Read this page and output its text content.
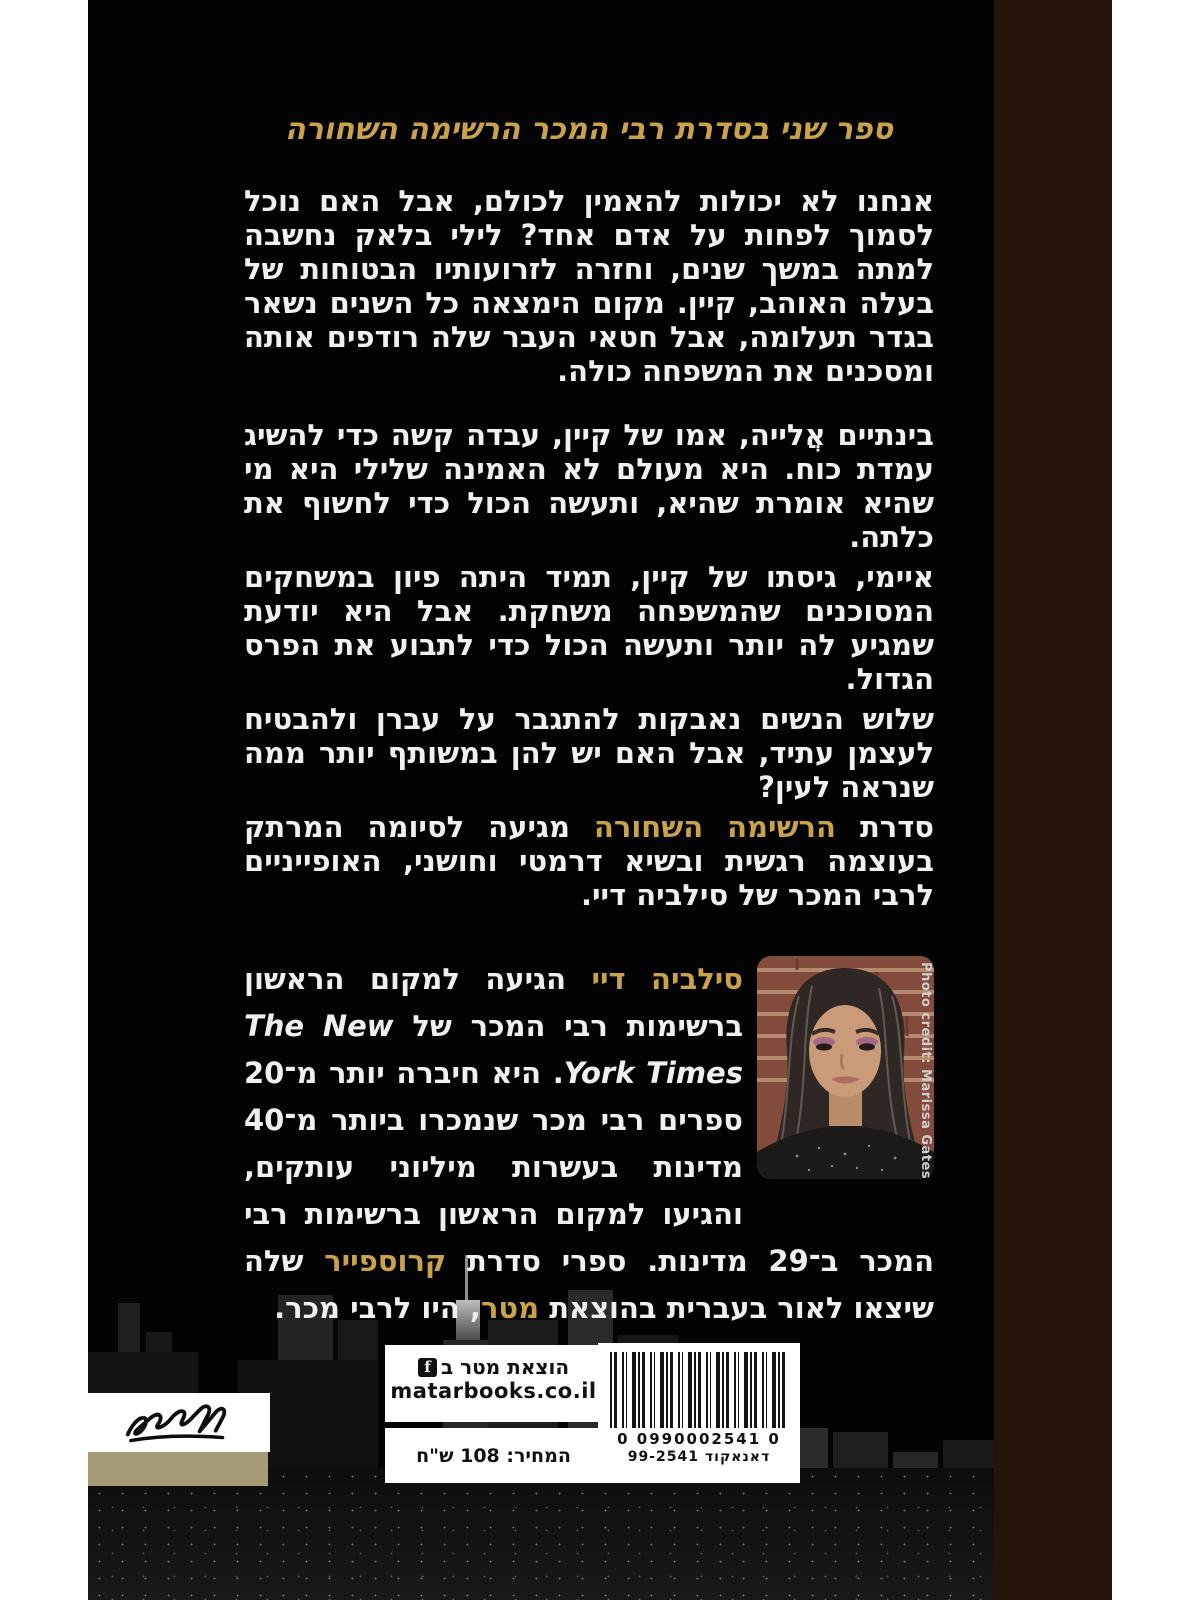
ספר שני בסדרת רבי המכר הרשימה השחורה

אנחנו לא יכולות להאמין לכולם, אבל האם נוכל לסמוך לפחות על אדם אחד? לילי בלאק נחשבה למתה במשך שנים, וחזרה לזרועותיו הבטוחות של בעלה האוהב, קיין. מקום הימצאה כל השנים נשאר בגדר תעלומה, אבל חטאי העבר שלה רודפים אותה ומסכנים את המשפחה כולה.

בינתיים אֲלייה, אמו של קיין, עבדה קשה כדי להשיג עמדת כוח. היא מעולם לא האמינה שלילי היא מי שהיא אומרת שהיא, ותעשה הכול כדי לחשוף את כלתה.

איימי, גיסתו של קיין, תמיד היתה פיון במשחקים המסוכנים שהמשפחה משחקת. אבל היא יודעת שמגיע לה יותר ותעשה הכול כדי לתבוע את הפרס הגדול.

שלוש הנשים נאבקות להתגבר על עברן ולהבטיח לעצמן עתיד, אבל האם יש להן במשותף יותר ממה שנראה לעין?

סדרת הרשימה השחורה מגיעה לסיומה המרתק בעוצמה רגשית ובשיא דרמטי וחושני, האופייניים לרבי המכר של סילביה דיי.

סילביה דיי הגיעה למקום הראשון ברשימות רבי המכר של The New York Times. היא חיברה יותר מ־20 ספרים רבי מכר שנמכרו ביותר מ־40 מדינות בעשרות מיליוני עותקים, והגיעו למקום הראשון ברשימות רבי המכר ב־29 מדינות. ספרי סדרת קרוספייר שלה שיצאו לאור בעברית בהוצאת מטר, היו לרבי מכר.
Photo credit: Marissa Gates
הוצאת מטר ב
f
matarbooks.co.il
המחיר: 108 ש"ח
0 0990002541 0
דאנאקוד 99-2541
